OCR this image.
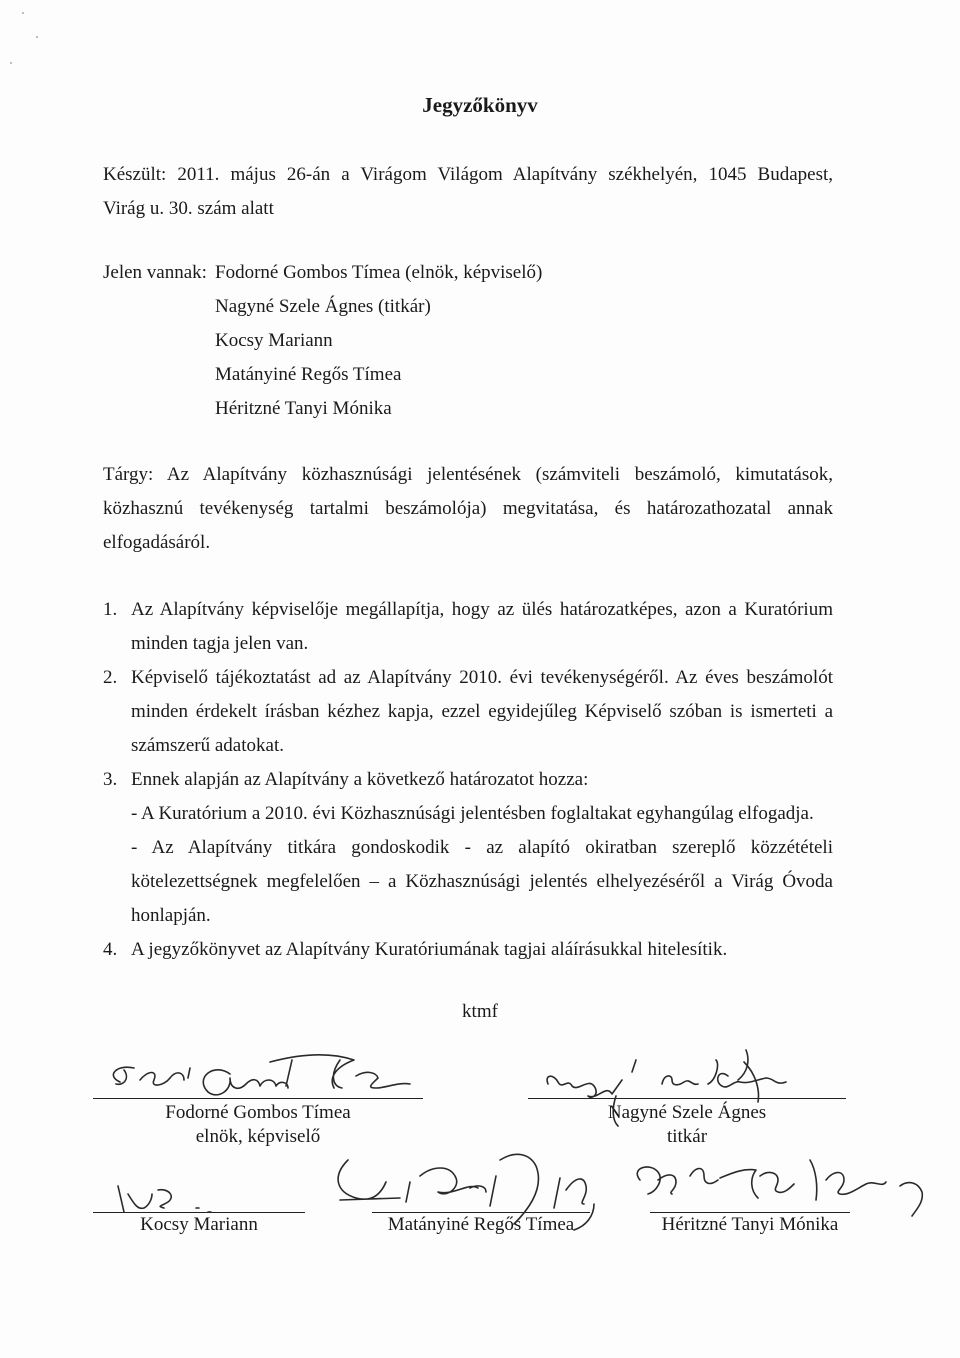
Jegyzőkönyv

Készült: 2011. május 26-án a Virágom Világom Alapítvány székhelyén, 1045 Budapest,

Virág u. 30. szám alatt

Jelen vannak: Fodorné Gombos Tímea (elnök, képviselő)
Nagyné Szele Ágnes (titkár)
Kocsy Mariann
Matányiné Regős Tímea
Héritzné Tanyi Mónika

Tárgy: Az Alapítvány közhasznúsági jelentésének (számviteli beszámoló, kimutatások,

közhasznú tevékenység tartalmi beszámolója) megvitatása, és határozathozatal annak

elfogadásáról.

1. Az Alapítvány képviselője megállapítja, hogy az ülés határozatképes, azon a Kuratórium minden tagja jelen van.
2. Képviselő tájékoztatást ad az Alapítvány 2010. évi tevékenységéről. Az éves beszámolót minden érdekelt írásban kézhez kapja, ezzel egyidejűleg Képviselő szóban is ismerteti a számszerű adatokat.
3. Ennek alapján az Alapítvány a következő határozatot hozza:
- A Kuratórium a 2010. évi Közhasznúsági jelentésben foglaltakat egyhangúlag elfogadja.
- Az Alapítvány titkára gondoskodik - az alapító okiratban szereplő közzétételi kötelezettségnek megfelelően – a Közhasznúsági jelentés elhelyezéséről a Virág Óvoda honlapján.
4. A jegyzőkönyvet az Alapítvány Kuratóriumának tagjai aláírásukkal hitelesítik.
ktmf
Fodorné Gombos Tímea
elnök, képviselő
Nagyné Szele Ágnes
titkár
Kocsy Mariann	Matányiné Regős Tímea	Héritzné Tanyi Mónika
